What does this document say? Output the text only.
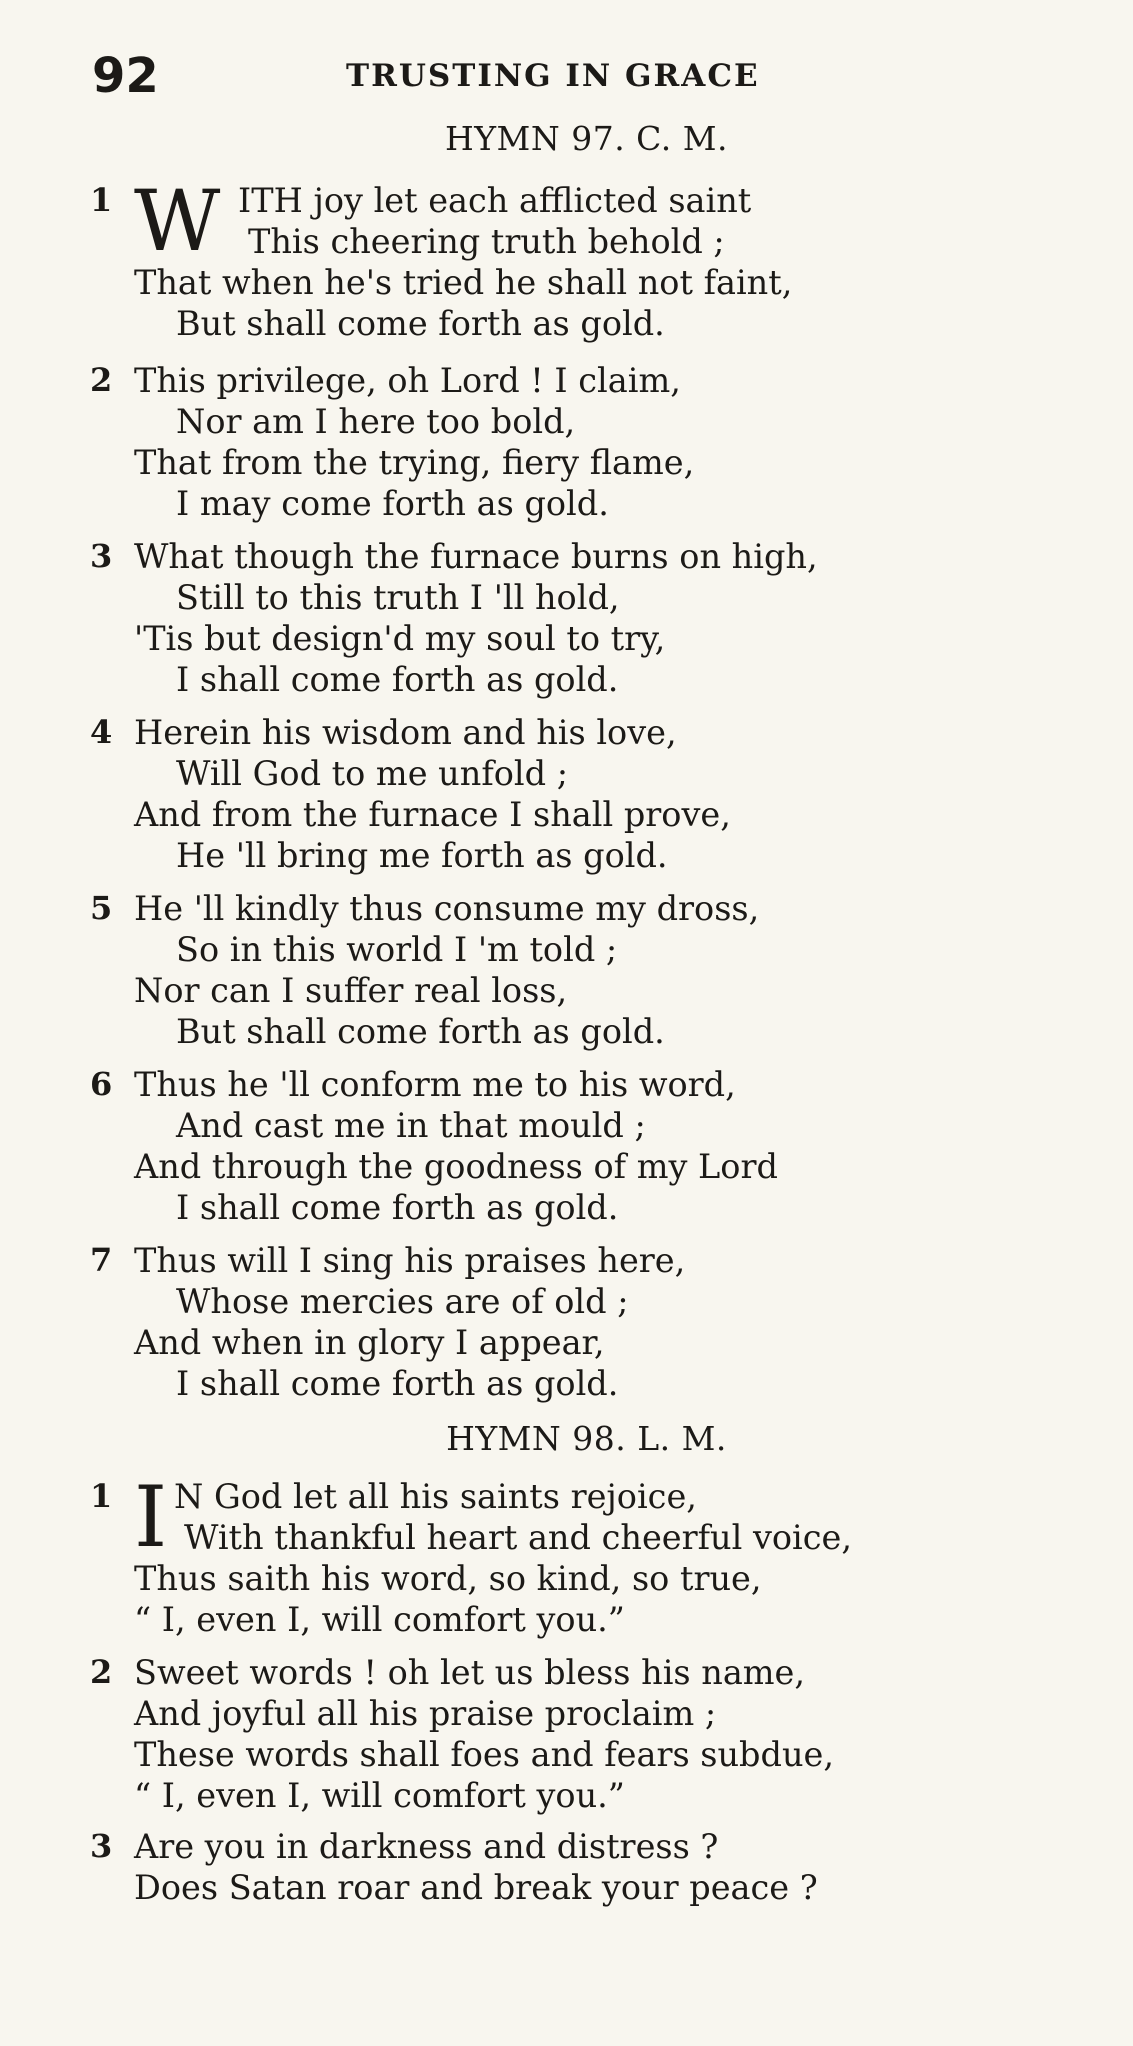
92	TRUSTING IN GRACE
HYMN 97. C. M.
1 W ITH joy let each afflicted saint
This cheering truth behold ;
That when he's tried he shall not faint,
But shall come forth as gold.
2 This privilege, oh Lord ! I claim,
Nor am I here too bold,
That from the trying, fiery flame,
I may come forth as gold.
3 What though the furnace burns on high,
Still to this truth I 'll hold,
'Tis but design'd my soul to try,
I shall come forth as gold.
4 Herein his wisdom and his love,
Will God to me unfold ;
And from the furnace I shall prove,
He 'll bring me forth as gold.
5 He 'll kindly thus consume my dross,
So in this world I 'm told ;
Nor can I suffer real loss,
But shall come forth as gold.
6 Thus he 'll conform me to his word,
And cast me in that mould ;
And through the goodness of my Lord
I shall come forth as gold.
7 Thus will I sing his praises here,
Whose mercies are of old ;
And when in glory I appear,
I shall come forth as gold.
HYMN 98. L. M.
1 I N God let all his saints rejoice,
With thankful heart and cheerful voice,
Thus saith his word, so kind, so true,
“ I, even I, will comfort you.”
2 Sweet words ! oh let us bless his name,
And joyful all his praise proclaim ;
These words shall foes and fears subdue,
“ I, even I, will comfort you.”
3 Are you in darkness and distress ?
Does Satan roar and break your peace ?
